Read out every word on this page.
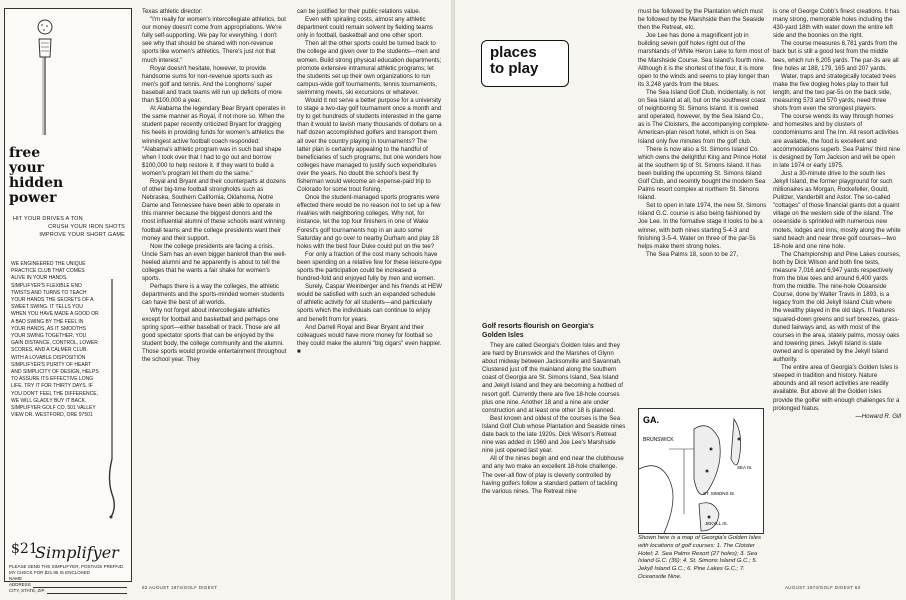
free
your
hidden
power
HIT YOUR DRIVES A TON
CRUSH YOUR IRON SHOTS
IMPROVE YOUR SHORT GAME
WE ENGINEERED THE UNIQUE PRACTICE CLUB THAT COMES ALIVE IN YOUR HANDS. SIMPLIFYER'S FLEXIBLE END TWISTS AND TURNS TO TEACH YOUR HANDS THE SECRETS OF A SWEET SWING. IT TELLS YOU WHEN YOU HAVE MADE A GOOD OR A BAD SWING BY THE FEEL IN YOUR HANDS, AS IT SMOOTHS YOUR SWING TOGETHER, YOU GAIN DISTANCE, CONTROL, LOWER SCORES, AND A CALMER CLUB. WITH A LOVABLE DISPOSITION SIMPLIFYER'S PURITY OF HEART AND SIMPLICITY OF DESIGN, HELPS TO ASSURE ITS EFFECTIVE LONG LIFE. TRY IT FOR THIRTY DAYS. IF YOU DON'T FEEL THE DIFFERENCE, WE WILL GLADLY BUY IT BACK. SIMPLIFYER GOLF CO. 501 VALLEY VIEW DR. WESTFORD, ORE 97501
$21.
Simplifyer
PLEASE SEND THE SIMPLIFYER, POSTAGE PREPAID. MY CHECK FOR $21.95 IS ENCLOSED
NAME
ADDRESS
CITY, STATE, ZIP

Texas athletic director:

"I'm really for women's intercollegiate athletics, but our money doesn't come from appropriations. We're fully self-supporting. We pay for everything. I don't see why that should be shared with non-revenue sports like women's athletics. There's just not that much interest."

Royal doesn't hesitate, however, to provide handsome sums for non-revenue sports such as men's golf and tennis. And the Longhorns' super baseball and track teams will run up deficits of more than $100,000 a year.

At Alabama the legendary Bear Bryant operates in the same manner as Royal, if not more so. When the student paper recently criticized Bryant for dragging his heels in providing funds for women's athletics the winningest active football coach responded: "Alabama's athletic program was in such bad shape when I took over that I had to go out and borrow $100,000 to help restore it. If they want to build a women's program let them do the same."

Royal and Bryant and their counterparts at dozens of other big-time football strongholds such as Nebraska, Southern California, Oklahoma, Notre Dame and Tennessee have been able to operate in this manner because the biggest donors and the most influential alumni of these schools want winning football teams and the college presidents want their money and their support.

Now the college presidents are facing a crisis. Uncle Sam has an even bigger bankroll than the well-heeled alumni and he apparently is about to tell the colleges that he wants a fair shake for women's sports.

Perhaps there is a way the colleges, the athletic departments and the sports-minded women students can have the best of all worlds.

Why not forget about intercollegiate athletics except for football and basketball and perhaps one spring sport—either baseball or track. Those are all good spectator sports that can be enjoyed by the student body, the college community and the alumni. Those sports would provide entertainment throughout the school year. They

can be justified for their public relations value.

Even with spiraling costs, almost any athletic department could remain solvent by fielding teams only in football, basketball and one other sport.

Then all the other sports could be turned back to the college and given over to the students—men and women. Build strong physical education departments; promote extensive intramural athletic programs; let the students set up their own organizations to run campus-wide golf tournaments, tennis tournaments, swimming meets, ski excursions or whatever.

Would it not serve a better purpose for a university to stage a two-day golf tournament once a month and try to get hundreds of students interested in the game than it would to lavish many thousands of dollars on a half dozen accomplished golfers and transport them all over the country playing in tournaments? The latter plan is certainly appealing to the handful of beneficiaries of such programs, but one wonders how colleges have managed to justify such expenditures over the years. No doubt the school's best fly fisherman would welcome an expense-paid trip to Colorado for some trout fishing.

Once the student-managed sports programs were effected there would be no reason not to set up a few rivalries with neighboring colleges. Why not, for instance, let the top four finishers in one of Wake Forest's golf tournaments hop in an auto some Saturday and go over to nearby Durham and play 18 holes with the best four Duke could put on the tee?

For only a fraction of the cost many schools have been spending on a relative few for these leisure-type sports the participation could be increased a hundred-fold and enjoyed fully by men and women.

Surely, Caspar Weinberger and his friends at HEW would be satisfied with such an expanded schedule of athletic activity for all students—and particularly sports which the individuals can continue to enjoy and benefit from for years.

And Darrell Royal and Bear Bryant and their colleagues would have more money for football so they could make the alumni "big cigars" even happier. ■

62 AUGUST 1974/GOLF DIGEST
places
to play
Golf resorts flourish on Georgia's Golden Isles

They are called Georgia's Golden Isles and they are hard by Brunswick and the Marshes of Glynn about midway between Jacksonville and Savannah. Clustered just off the mainland along the southern coast of Georgia are St. Simons Island, Sea Island and Jekyll Island and they are becoming a hotbed of resort golf. Currently there are five 18-hole courses plus one nine. Another 18 and a nine are under construction and at least one other 18 is planned.

Best known and oldest of the courses is the Sea Island Golf Club whose Plantation and Seaside nines date back to the late 1920s. Dick Wilson's Retreat nine was added in 1960 and Joe Lee's Marshside nine just opened last year.

All of the nines begin and end near the clubhouse and any two make an excellent 18-hole challenge. The over-all flow of play is cleverly controlled by having golfers follow a standard pattern of tackling the various nines. The Retreat nine

must be followed by the Plantation which must be followed by the Marshside then the Seaside then the Retreat, etc.

Joe Lee has done a magnificent job in building seven golf holes right out of the marshlands of White Heron Lake to form most of the Marshside Course. Sea Island's fourth nine. Although it is the shortest of the four, it is more open to the winds and seems to play longer than its 3,248 yards from the blues.

The Sea Island Golf Club, incidentally, is not on Sea Island at all, but on the southwest coast of neighboring St. Simons Island. It is owned and operated, however, by the Sea Island Co., as is The Cloisters, the accompanying complete-American-plan resort hotel, which is on Sea Island only five minutes from the golf club.

There is now also a St. Simons Island Co. which owns the delightful King and Prince Hotel at the southern tip of St. Simons Island. It has been building the upcoming St. Simons Island Golf Club, and recently bought the modern Sea Palms resort complex at northern St. Simons Island.

Set to open in late 1974, the new St. Simons Island G.C. course is also being fashioned by Joe Lee. In the formative stage it looks to be a winner, with both nines starting 5-4-3 and finishing 3-5-4. Water on three of the par-5s helps make them strong holes.

The Sea Palms 18, soon to be 27,

GA.
BRUNSWICK
SEA IS.
ST. SIMONS IS.
JEKYLL IS.
Shown here is a map of Georgia's Golden Isles with locations of golf courses: 1. The Cloister Hotel; 2. Sea Palms Resort (27 holes); 3. Sea Island G.C. (36); 4. St. Simons Island G.C.; 5. Jekyll Island G.C.; 6. Pine Lakes G.C.; 7. Oceanside Nine.

is one of George Cobb's finest creations. It has many strong, memorable holes including the 430-yard 18th with water down the entire left side and the boonies on the right.

The course measures 6,781 yards from the back but is still a good test from the middle tees, which run 6,205 yards. The par-3s are all fine holes at 188, 179, 165 and 207 yards.

Water, traps and strategically located trees make the five dogleg holes play to their full length, and the two par-5s on the back side, measuring 573 and 570 yards, need three shots from even the strongest players.

The course wends its way through homes and homesites and by clusters of condominiums and The Inn. All resort activities are available, the food is excellent and accommodations superb. Sea Palms' third nine is designed by Tom Jackson and will be open in late 1974 or early 1975.

Just a 30-minute drive to the south lies Jekyll Island, the former playground for such millionaires as Morgan, Rockefeller, Gould, Pulitzer, Vanderbilt and Astor. The so-called "cottages" of those financial giants dot a quaint village on the western side of the island. The oceanside is sprinkled with numerous new motels, lodges and inns, mostly along the white sand beach and near three golf courses—two 18-hole and one nine hole.

The Championship and Pine Lakes courses, both by Dick Wilson and both fine tests, measure 7,016 and 6,947 yards respectively from the blue tees and around 6,400 yards from the middle. The nine-hole Oceanside Course, done by Walter Travis in 1893, is a legacy from the old Jekyll Island Club where the wealthy played in the old days. It features squared-down greens and surf breezes, grass-duned fairways and, as with most of the courses in the area, stately palms, mossy oaks and towering pines. Jekyll Island is state owned and is operated by the Jekyll Island authority.

The entire area of Georgia's Golden Isles is steeped in tradition and history. Nature abounds and all resort activities are readily available. But above all the Golden Isles provide the golfer with enough challenges for a prolonged hiatus.

—Howard R. Gill
AUGUST 1974/GOLF DIGEST 63
